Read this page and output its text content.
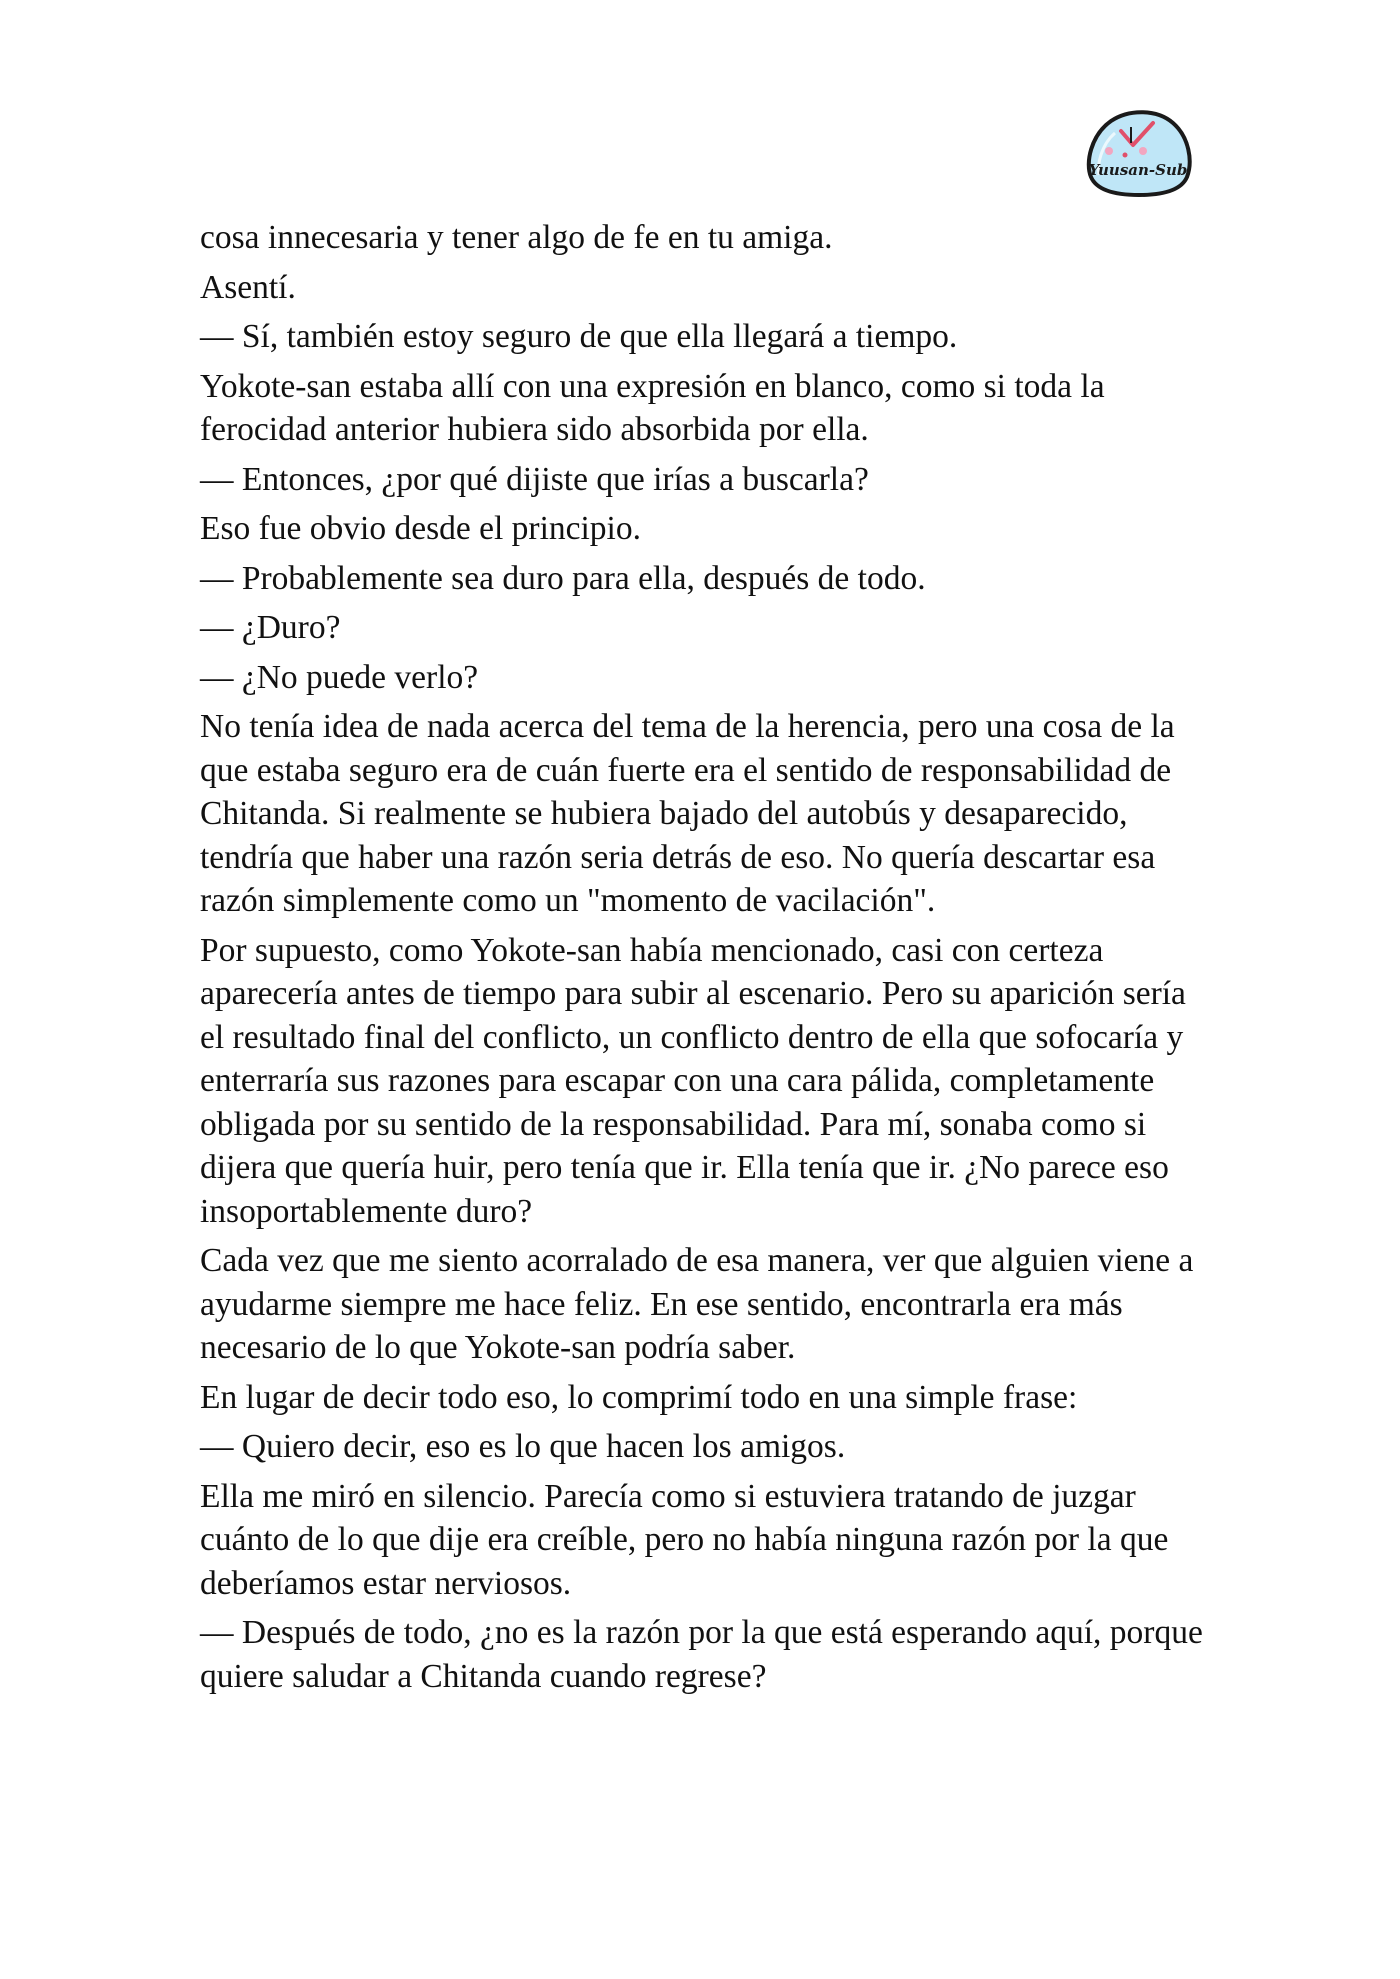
Yuusan-Sub

cosa innecesaria y tener algo de fe en tu amiga.

Asentí.

— Sí, también estoy seguro de que ella llegará a tiempo.

Yokote-san estaba allí con una expresión en blanco, como si toda la ferocidad anterior hubiera sido absorbida por ella.

— Entonces, ¿por qué dijiste que irías a buscarla?

Eso fue obvio desde el principio.

— Probablemente sea duro para ella, después de todo.

— ¿Duro?

— ¿No puede verlo?

No tenía idea de nada acerca del tema de la herencia, pero una cosa de la que estaba seguro era de cuán fuerte era el sentido de responsabilidad de Chitanda. Si realmente se hubiera bajado del autobús y desaparecido, tendría que haber una razón seria detrás de eso. No quería descartar esa razón simplemente como un "momento de vacilación".

Por supuesto, como Yokote-san había mencionado, casi con certeza aparecería antes de tiempo para subir al escenario. Pero su aparición sería el resultado final del conflicto, un conflicto dentro de ella que sofocaría y enterraría sus razones para escapar con una cara pálida, completamente obligada por su sentido de la responsabilidad. Para mí, sonaba como si dijera que quería huir, pero tenía que ir. Ella tenía que ir. ¿No parece eso insoportablemente duro?

Cada vez que me siento acorralado de esa manera, ver que alguien viene a ayudarme siempre me hace feliz. En ese sentido, encontrarla era más necesario de lo que Yokote-san podría saber.

En lugar de decir todo eso, lo comprimí todo en una simple frase:

— Quiero decir, eso es lo que hacen los amigos.

Ella me miró en silencio. Parecía como si estuviera tratando de juzgar cuánto de lo que dije era creíble, pero no había ninguna razón por la que deberíamos estar nerviosos.

— Después de todo, ¿no es la razón por la que está esperando aquí, porque quiere saludar a Chitanda cuando regrese?
